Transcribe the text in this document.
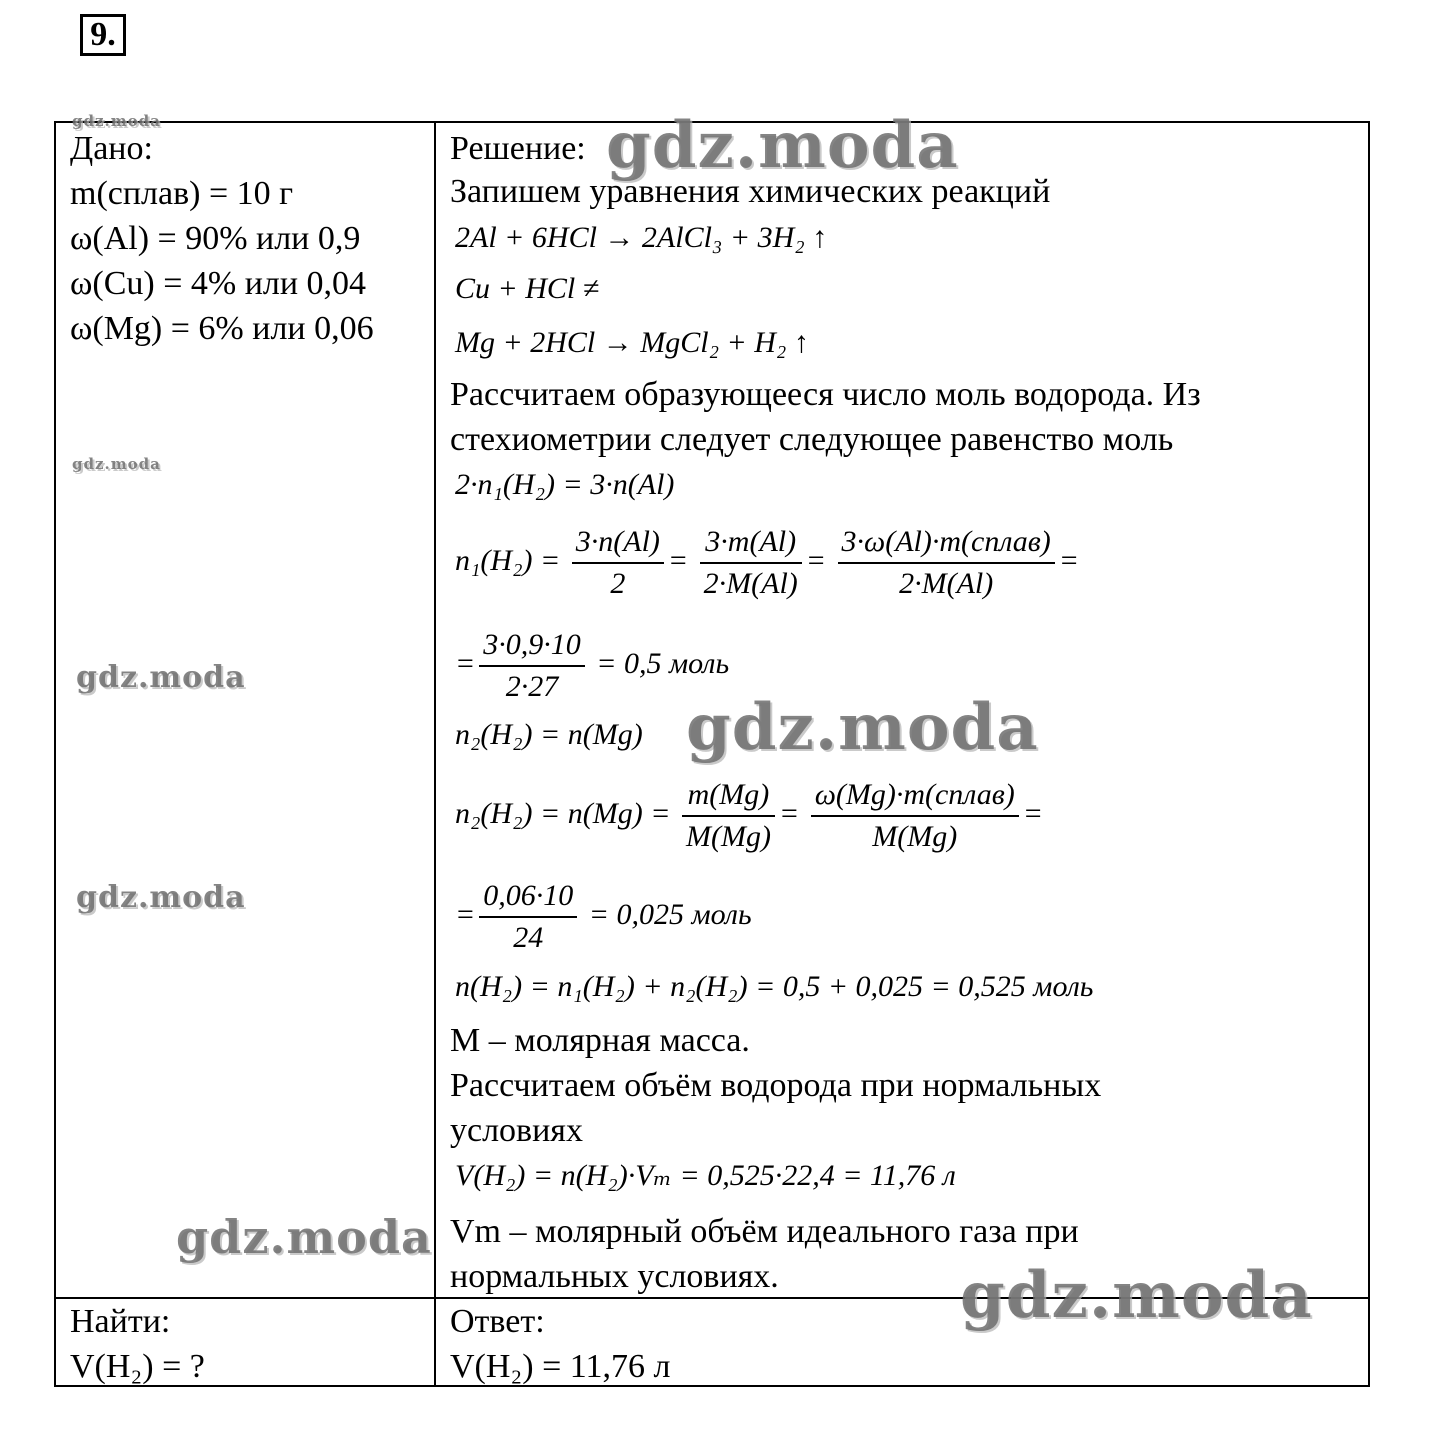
9.
Дано:
m(сплав) = 10 г
ω(Al) = 90% или 0,9
ω(Cu) = 4% или 0,04
ω(Mg) = 6% или 0,06
Найти:
V(H₂) = ?
Решение:
Запишем уравнения химических реакций
2Al + 6HCl → 2AlCl₃ + 3H₂ ↑
Cu + HCl ≠
Mg + 2HCl → MgCl₂ + H₂ ↑
Рассчитаем образующееся число моль водорода. Из
стехиометрии следует следующее равенство моль
2·n₁(H₂) = 3·n(Al)
$n_1(H_2) = \frac{3\cdot n(Al)}{2} = \frac{3\cdot m(Al)}{2\cdot M(Al)} = \frac{\text{3·ω(Al)·m(сплав)}}{2\cdot M(Al)}$ =
= $\frac{3\cdot 0,9\cdot 10}{2\cdot 27} = 0,5$ моль
n₂(H₂) = n(Mg)
$n_2(H_2) = n(Mg) = \frac{m(Mg)}{M(Mg)} = \frac{\text{ω(Mg)·m(сплав)}}{M(Mg)}$ =
= $\frac{0,06\cdot 10}{24} = 0,025$ моль
n(H₂) = n₁(H₂) + n₂(H₂) = 0,5 + 0,025 = 0,525 моль
M – молярная масса.
Рассчитаем объём водорода при нормальных
условиях
V(H₂) = n(H₂)·Vₘ = 0,525·22,4 = 11,76 л
Vm – молярный объём идеального газа при
нормальных условиях.
Ответ:
V(H₂) = 11,76 л
gdz.moda	gdz.moda
gdz.moda
gdz.moda
gdz.moda
gdz.moda
gdz.moda
gdz.moda
